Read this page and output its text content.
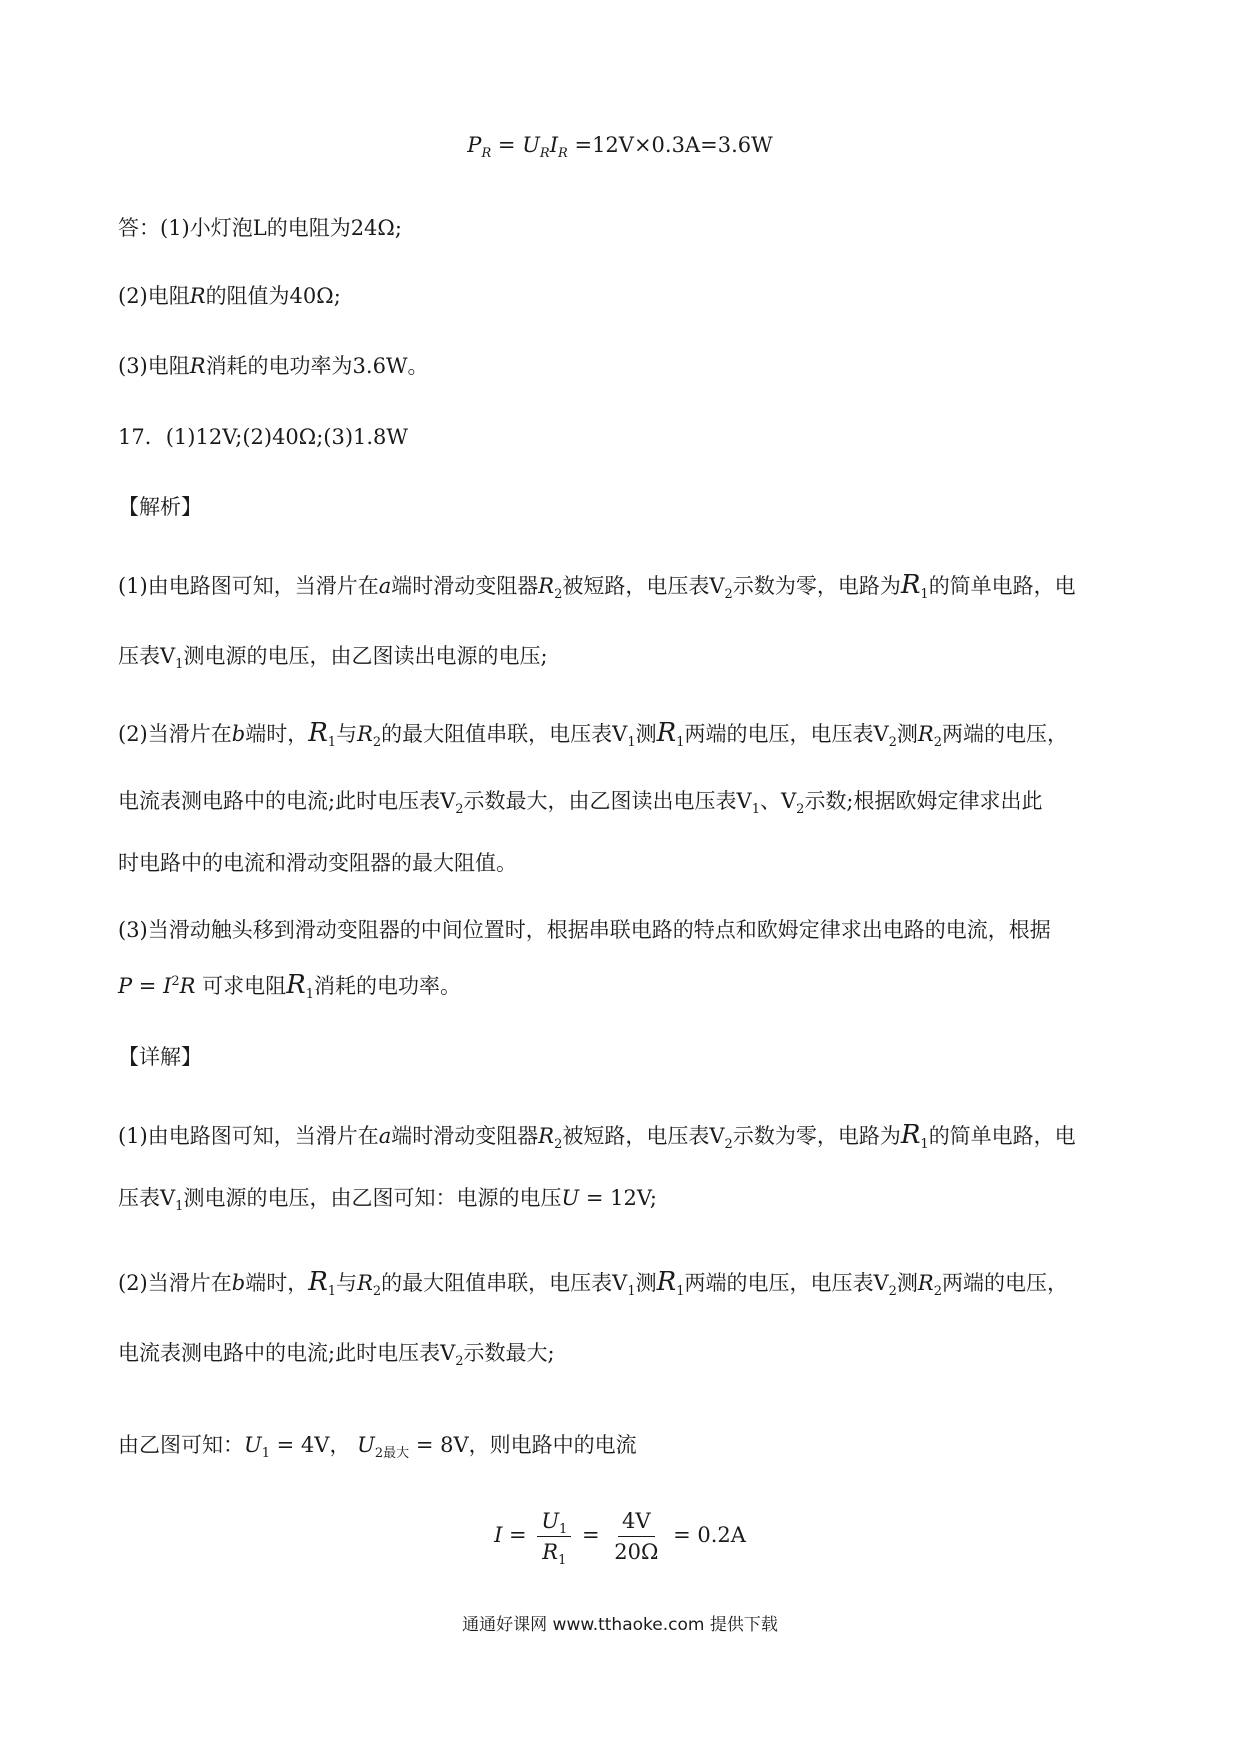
$P_R = U_RI_R =12V\times 0.3A=3.6W$
答：(1)小灯泡L的电阻为24Ω;
(2)电阻R的阻值为40Ω;
(3)电阻R消耗的电功率为3.6W。
17．(1)12V;(2)40Ω;(3)1.8W
【解析】
(1)由电路图可知，当滑片在a端时滑动变阻器$R_2$被短路，电压表$V_2$示数为零，电路为$R_1$的简单电路，电
压表$V_1$测电源的电压，由乙图读出电源的电压;
(2)当滑片在b端时，$R_1$与$R_2$的最大阻值串联，电压表$V_1$测$R_1$两端的电压，电压表$V_2$测$R_2$两端的电压，
电流表测电路中的电流;此时电压表$V_2$示数最大，由乙图读出电压表$V_1$、$V_2$示数;根据欧姆定律求出此
时电路中的电流和滑动变阻器的最大阻值。
(3)当滑动触头移到滑动变阻器的中间位置时，根据串联电路的特点和欧姆定律求出电路的电流，根据
$P = I^2R$ 可求电阻$R_1$消耗的电功率。
【详解】
(1)由电路图可知，当滑片在a端时滑动变阻器$R_2$被短路，电压表$V_2$示数为零，电路为$R_1$的简单电路，电
压表$V_1$测电源的电压，由乙图可知：电源的电压U = 12V;
(2)当滑片在b端时，$R_1$与$R_2$的最大阻值串联，电压表$V_1$测$R_1$两端的电压，电压表$V_2$测$R_2$两端的电压，
电流表测电路中的电流;此时电压表$V_2$示数最大;
由乙图可知：$U_1 = 4V$， $U_{2最大} = 8V$，则电路中的电流
$I = \frac{U_1}{R_1} = \frac{4V}{20\Omega} = 0.2A$
通通好课网 www.tthaoke.com 提供下载
